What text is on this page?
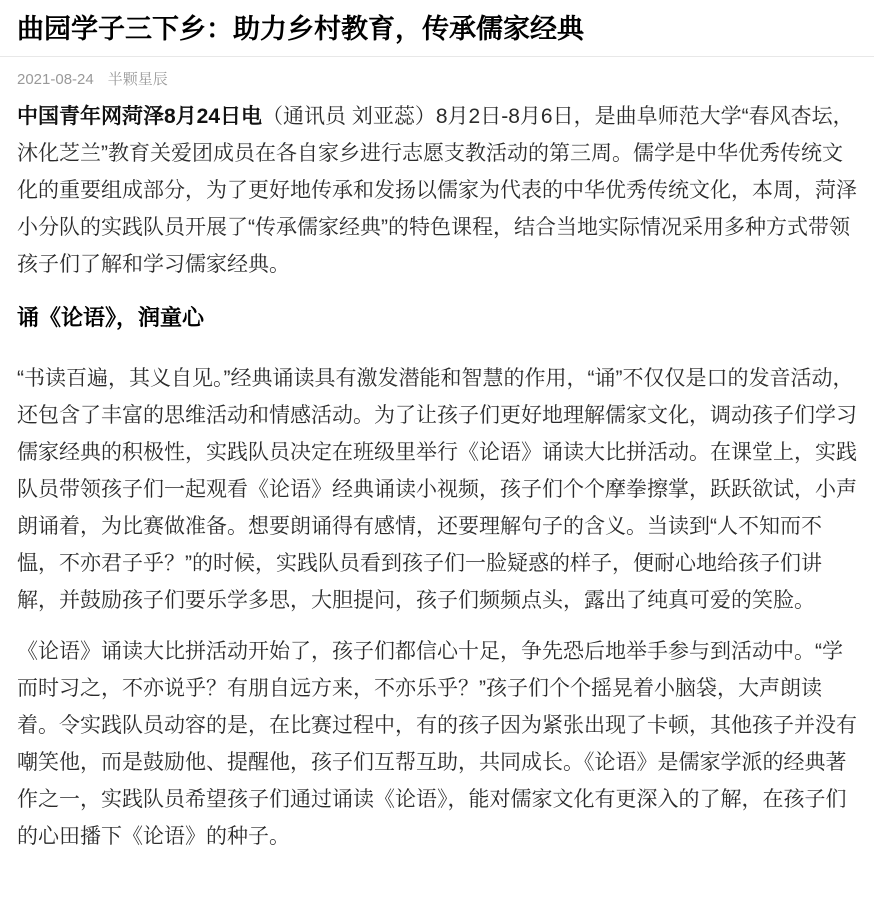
曲园学子三下乡：助力乡村教育，传承儒家经典
2021-08-24 半颗星辰

中国青年网菏泽8月24日电（通讯员 刘亚蕊）8月2日-8月6日，是曲阜师范大学“春风杏坛，沐化芝兰”教育关爱团成员在各自家乡进行志愿支教活动的第三周。儒学是中华优秀传统文化的重要组成部分，为了更好地传承和发扬以儒家为代表的中华优秀传统文化，本周，菏泽小分队的实践队员开展了“传承儒家经典”的特色课程，结合当地实际情况采用多种方式带领孩子们了解和学习儒家经典。

诵《论语》，润童心

“书读百遍，其义自见。”经典诵读具有激发潜能和智慧的作用，“诵”不仅仅是口的发音活动，还包含了丰富的思维活动和情感活动。为了让孩子们更好地理解儒家文化，调动孩子们学习儒家经典的积极性，实践队员决定在班级里举行《论语》诵读大比拼活动。在课堂上，实践队员带领孩子们一起观看《论语》经典诵读小视频，孩子们个个摩拳擦掌，跃跃欲试，小声朗诵着，为比赛做准备。想要朗诵得有感情，还要理解句子的含义。当读到“人不知而不愠，不亦君子乎？”的时候，实践队员看到孩子们一脸疑惑的样子，便耐心地给孩子们讲解，并鼓励孩子们要乐学多思，大胆提问，孩子们频频点头，露出了纯真可爱的笑脸。

《论语》诵读大比拼活动开始了，孩子们都信心十足，争先恐后地举手参与到活动中。“学而时习之，不亦说乎？有朋自远方来，不亦乐乎？”孩子们个个摇晃着小脑袋，大声朗读着。令实践队员动容的是，在比赛过程中，有的孩子因为紧张出现了卡顿，其他孩子并没有嘲笑他，而是鼓励他、提醒他，孩子们互帮互助，共同成长。《论语》是儒家学派的经典著作之一，实践队员希望孩子们通过诵读《论语》，能对儒家文化有更深入的了解，在孩子们的心田播下《论语》的种子。
